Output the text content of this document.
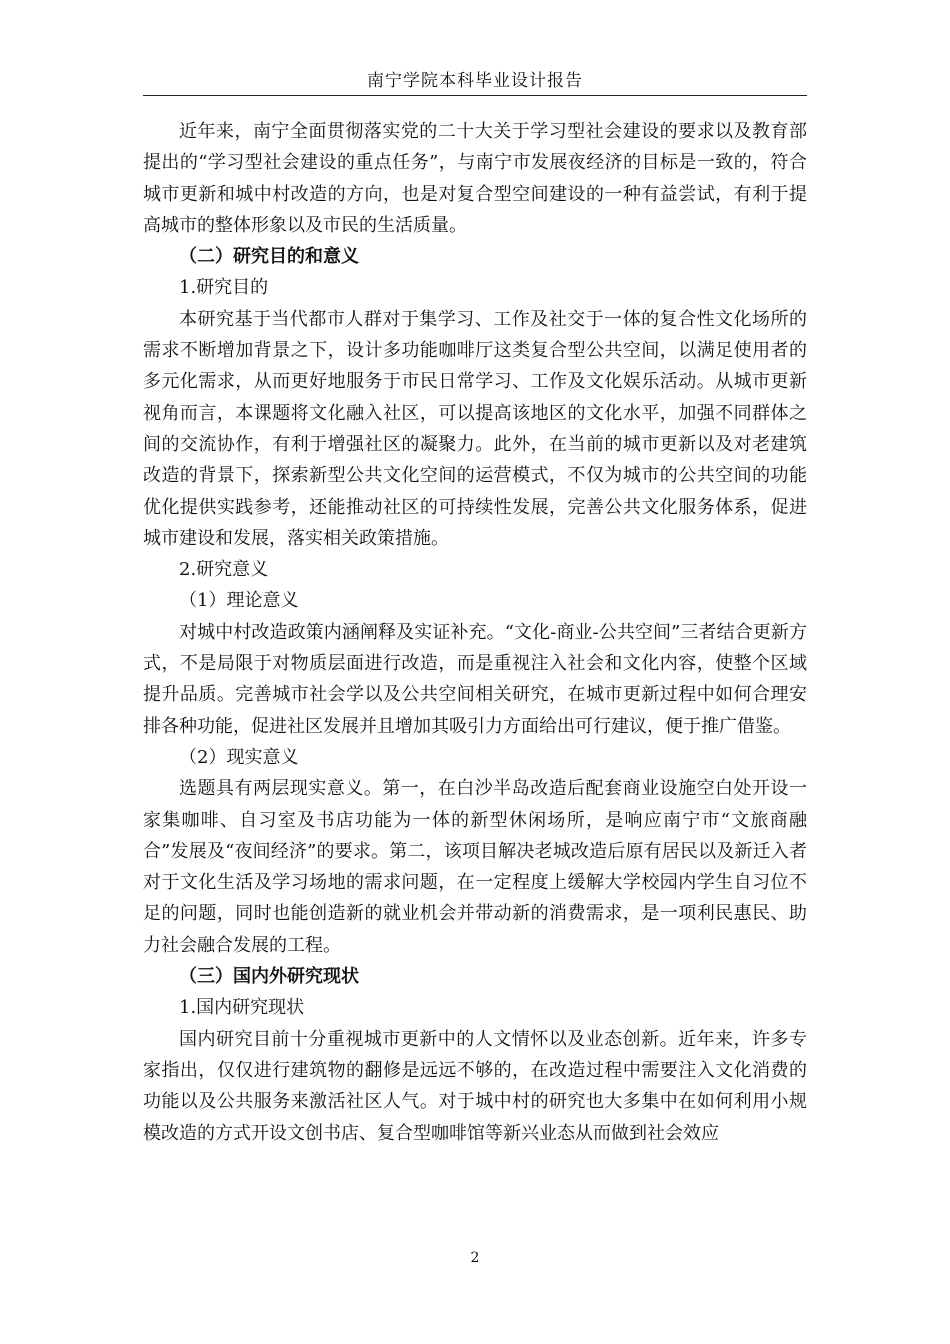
南宁学院本科毕业设计报告

近年来，南宁全面贯彻落实党的二十大关于学习型社会建设的要求以及教育部提出的“学习型社会建设的重点任务”，与南宁市发展夜经济的目标是一致的，符合城市更新和城中村改造的方向，也是对复合型空间建设的一种有益尝试，有利于提高城市的整体形象以及市民的生活质量。

（二）研究目的和意义

1.研究目的

本研究基于当代都市人群对于集学习、工作及社交于一体的复合性文化场所的需求不断增加背景之下，设计多功能咖啡厅这类复合型公共空间，以满足使用者的多元化需求，从而更好地服务于市民日常学习、工作及文化娱乐活动。从城市更新视角而言，本课题将文化融入社区，可以提高该地区的文化水平，加强不同群体之间的交流协作，有利于增强社区的凝聚力。此外，在当前的城市更新以及对老建筑改造的背景下，探索新型公共文化空间的运营模式，不仅为城市的公共空间的功能优化提供实践参考，还能推动社区的可持续性发展，完善公共文化服务体系，促进城市建设和发展，落实相关政策措施。

2.研究意义

（1）理论意义

对城中村改造政策内涵阐释及实证补充。“文化-商业-公共空间”三者结合更新方式，不是局限于对物质层面进行改造，而是重视注入社会和文化内容，使整个区域提升品质。完善城市社会学以及公共空间相关研究，在城市更新过程中如何合理安排各种功能，促进社区发展并且增加其吸引力方面给出可行建议，便于推广借鉴。

（2）现实意义

选题具有两层现实意义。第一，在白沙半岛改造后配套商业设施空白处开设一家集咖啡、自习室及书店功能为一体的新型休闲场所，是响应南宁市“文旅商融合”发展及“夜间经济”的要求。第二，该项目解决老城改造后原有居民以及新迁入者对于文化生活及学习场地的需求问题，在一定程度上缓解大学校园内学生自习位不足的问题，同时也能创造新的就业机会并带动新的消费需求，是一项利民惠民、助力社会融合发展的工程。

（三）国内外研究现状

1.国内研究现状

国内研究目前十分重视城市更新中的人文情怀以及业态创新。近年来，许多专家指出，仅仅进行建筑物的翻修是远远不够的，在改造过程中需要注入文化消费的功能以及公共服务来激活社区人气。对于城中村的研究也大多集中在如何利用小规模改造的方式开设文创书店、复合型咖啡馆等新兴业态从而做到社会效应

2
